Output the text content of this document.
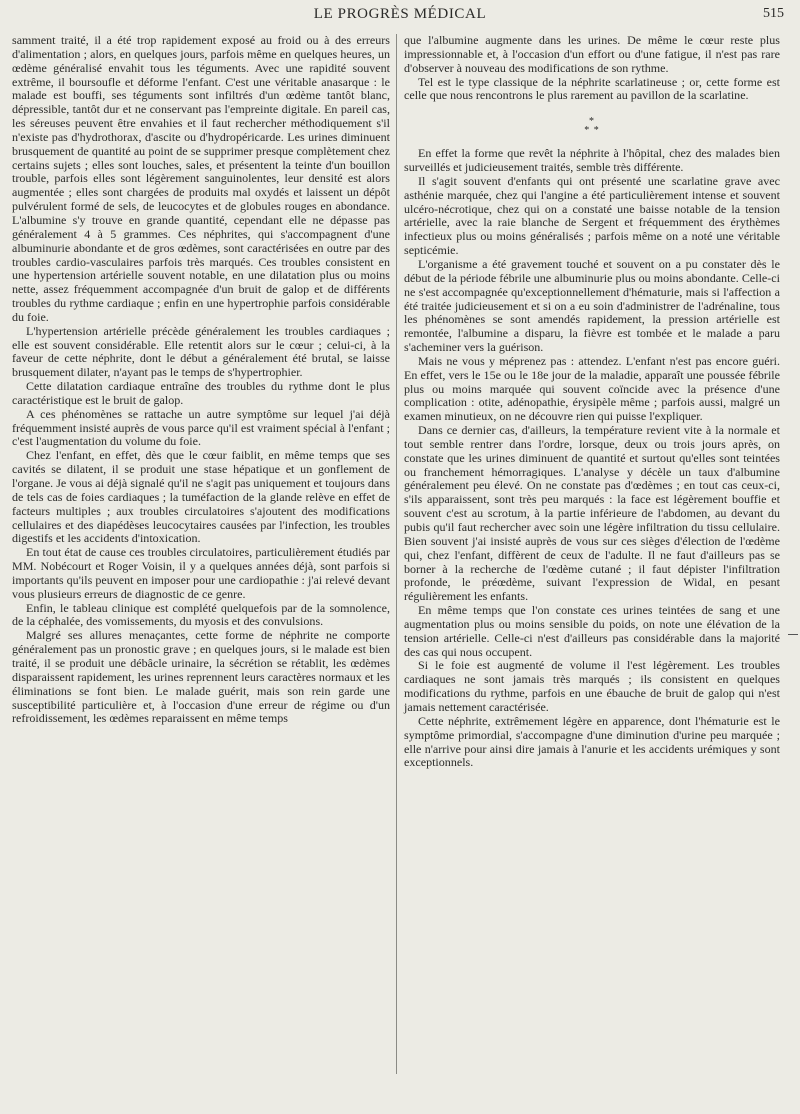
LE PROGRÈS MÉDICAL	515

samment traité, il a été trop rapidement exposé au froid ou à des erreurs d'alimentation ; alors, en quelques jours, parfois même en quelques heures, un œdème généralisé envahit tous les téguments. Avec une rapidité souvent extrême, il boursoufle et déforme l'enfant. C'est une véritable anasarque : le malade est bouffi, ses téguments sont infiltrés d'un œdème tantôt blanc, dépressible, tantôt dur et ne conservant pas l'empreinte digitale. En pareil cas, les séreuses peuvent être envahies et il faut rechercher méthodiquement s'il n'existe pas d'hydrothorax, d'ascite ou d'hydropéricarde. Les urines diminuent brusquement de quantité au point de se supprimer presque complètement chez certains sujets ; elles sont louches, sales, et présentent la teinte d'un bouillon trouble, parfois elles sont légèrement sanguinolentes, leur densité est alors augmentée ; elles sont chargées de produits mal oxydés et laissent un dépôt pulvérulent formé de sels, de leucocytes et de globules rouges en abondance. L'albumine s'y trouve en grande quantité, cependant elle ne dépasse pas généralement 4 à 5 grammes. Ces néphrites, qui s'accompagnent d'une albuminurie abondante et de gros œdèmes, sont caractérisées en outre par des troubles cardio-vasculaires parfois très marqués. Ces troubles consistent en une hypertension artérielle souvent notable, en une dilatation plus ou moins nette, assez fréquemment accompagnée d'un bruit de galop et de différents troubles du rythme cardiaque ; enfin en une hypertrophie parfois considérable du foie.

L'hypertension artérielle précède généralement les troubles cardiaques ; elle est souvent considérable. Elle retentit alors sur le cœur ; celui-ci, à la faveur de cette néphrite, dont le début a généralement été brutal, se laisse brusquement dilater, n'ayant pas le temps de s'hypertrophier.

Cette dilatation cardiaque entraîne des troubles du rythme dont le plus caractéristique est le bruit de galop.

A ces phénomènes se rattache un autre symptôme sur lequel j'ai déjà fréquemment insisté auprès de vous parce qu'il est vraiment spécial à l'enfant ; c'est l'augmentation du volume du foie.

Chez l'enfant, en effet, dès que le cœur faiblit, en même temps que ses cavités se dilatent, il se produit une stase hépatique et un gonflement de l'organe. Je vous ai déjà signalé qu'il ne s'agit pas uniquement et toujours dans de tels cas de foies cardiaques ; la tuméfaction de la glande relève en effet de facteurs multiples ; aux troubles circulatoires s'ajoutent des modifications cellulaires et des diapédèses leucocytaires causées par l'infection, les troubles digestifs et les accidents d'intoxication.

En tout état de cause ces troubles circulatoires, particulièrement étudiés par MM. Nobécourt et Roger Voisin, il y a quelques années déjà, sont parfois si importants qu'ils peuvent en imposer pour une cardiopathie : j'ai relevé devant vous plusieurs erreurs de diagnostic de ce genre.

Enfin, le tableau clinique est complété quelquefois par de la somnolence, de la céphalée, des vomissements, du myosis et des convulsions.

Malgré ses allures menaçantes, cette forme de néphrite ne comporte généralement pas un pronostic grave ; en quelques jours, si le malade est bien traité, il se produit une débâcle urinaire, la sécrétion se rétablit, les œdèmes disparaissent rapidement, les urines reprennent leurs caractères normaux et les éliminations se font bien. Le malade guérit, mais son rein garde une susceptibilité particulière et, à l'occasion d'une erreur de régime ou d'un refroidissement, les œdèmes reparaissent en même temps

que l'albumine augmente dans les urines. De même le cœur reste plus impressionnable et, à l'occasion d'un effort ou d'une fatigue, il n'est pas rare d'observer à nouveau des modifications de son rythme.

Tel est le type classique de la néphrite scarlatineuse ; or, cette forme est celle que nous rencontrons le plus rarement au pavillon de la scarlatine.

*
* *

En effet la forme que revêt la néphrite à l'hôpital, chez des malades bien surveillés et judicieusement traités, semble très différente.

Il s'agit souvent d'enfants qui ont présenté une scarlatine grave avec asthénie marquée, chez qui l'angine a été particulièrement intense et souvent ulcéro-nécrotique, chez qui on a constaté une baisse notable de la tension artérielle, avec la raie blanche de Sergent et fréquemment des érythèmes infectieux plus ou moins généralisés ; parfois même on a noté une véritable septicémie.

L'organisme a été gravement touché et souvent on a pu constater dès le début de la période fébrile une albuminurie plus ou moins abondante. Celle-ci ne s'est accompagnée qu'exceptionnellement d'hématurie, mais si l'affection a été traitée judicieusement et si on a eu soin d'administrer de l'adrénaline, tous les phénomènes se sont amendés rapidement, la pression artérielle est remontée, l'albumine a disparu, la fièvre est tombée et le malade a paru s'acheminer vers la guérison.

Mais ne vous y méprenez pas : attendez. L'enfant n'est pas encore guéri. En effet, vers le 15e ou le 18e jour de la maladie, apparaît une poussée fébrile plus ou moins marquée qui souvent coïncide avec la présence d'une complication : otite, adénopathie, érysipèle même ; parfois aussi, malgré un examen minutieux, on ne découvre rien qui puisse l'expliquer.

Dans ce dernier cas, d'ailleurs, la température revient vite à la normale et tout semble rentrer dans l'ordre, lorsque, deux ou trois jours après, on constate que les urines diminuent de quantité et surtout qu'elles sont teintées ou franchement hémorragiques. L'analyse y décèle un taux d'albumine généralement peu élevé. On ne constate pas d'œdèmes ; en tout cas ceux-ci, s'ils apparaissent, sont très peu marqués : la face est légèrement bouffie et souvent c'est au scrotum, à la partie inférieure de l'abdomen, au devant du pubis qu'il faut rechercher avec soin une légère infiltration du tissu cellulaire. Bien souvent j'ai insisté auprès de vous sur ces sièges d'élection de l'œdème qui, chez l'enfant, diffèrent de ceux de l'adulte. Il ne faut d'ailleurs pas se borner à la recherche de l'œdème cutané ; il faut dépister l'infiltration profonde, le préœdème, suivant l'expression de Widal, en pesant régulièrement les enfants.

En même temps que l'on constate ces urines teintées de sang et une augmentation plus ou moins sensible du poids, on note une élévation de la tension artérielle. Celle-ci n'est d'ailleurs pas considérable dans la majorité des cas qui nous occupent.

Si le foie est augmenté de volume il l'est légèrement. Les troubles cardiaques ne sont jamais très marqués ; ils consistent en quelques modifications du rythme, parfois en une ébauche de bruit de galop qui n'est jamais nettement caractérisée.

Cette néphrite, extrêmement légère en apparence, dont l'hématurie est le symptôme primordial, s'accompagne d'une diminution d'urine peu marquée ; elle n'arrive pour ainsi dire jamais à l'anurie et les accidents urémiques y sont exceptionnels.
